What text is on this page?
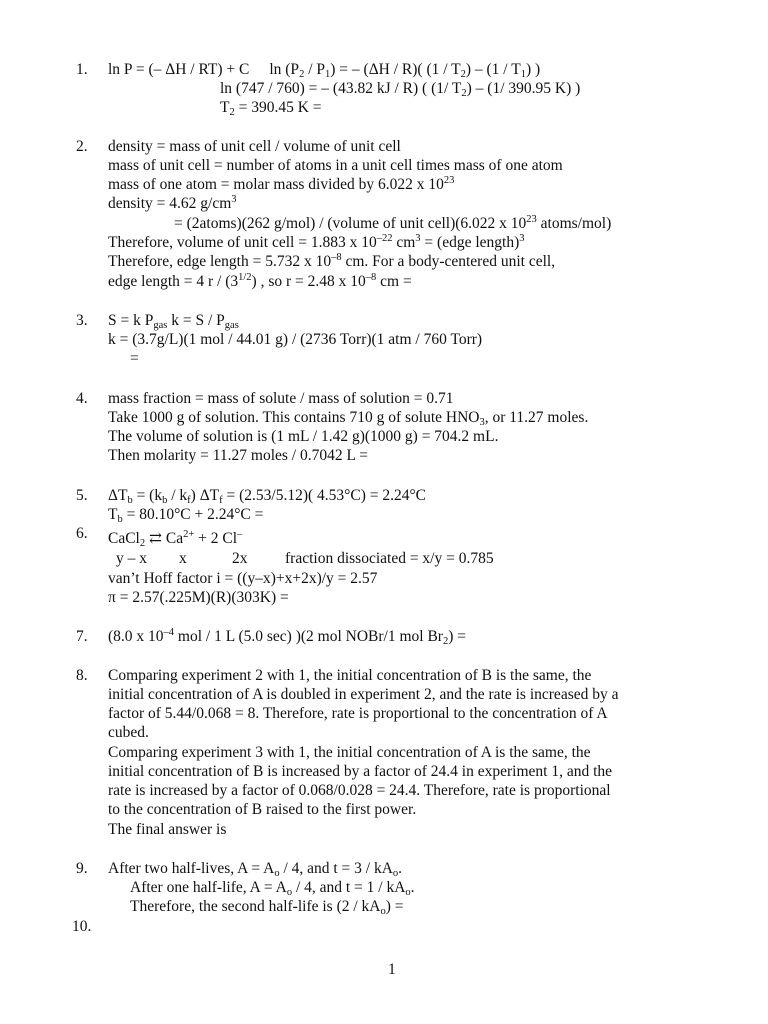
1. ln P = (– ΔH / RT) + C $\ln (P_2 / P_1)$ = – (ΔH / R)( $(1 / T_2) - (1 / T_1)$ )
ln (747 / 760) = – (43.82 kJ / R) ( (1/ $T_2) - (1/$ 390.95 K) )
$T_2 = 390.45$ K =
2. density = mass of unit cell / volume of unit cell
mass of unit cell = number of atoms in a unit cell times mass of one atom
mass of one atom = molar mass divided by 6.022 x $10^{23}$
density = 4.62 $g/cm^3$
= (2atoms)(262 g/mol) / (volume of unit cell)(6.022 x $10^{23}$ atoms/mol)
Therefore, volume of unit cell = 1.883 x $10^{-22}$ $cm^3$ = (edge length)$^3$
Therefore, edge length = 5.732 x $10^{-8}$ cm. For a body-centered unit cell,
edge length = 4 r / $(3^{1/2})$ , so r = 2.48 x $10^{-8}$ cm =
3. S = k $P_{gas}$ $k = S / P_{gas}$
k = (3.7g/L)(1 mol / 44.01 g) / (2736 Torr)(1 atm / 760 Torr)
=
4. mass fraction = mass of solute / mass of solution = 0.71
Take 1000 g of solution. This contains 710 g of solute $HNO_3$, or 11.27 moles.
The volume of solution is (1 mL / 1.42 g)(1000 g) = 704.2 mL.
Then molarity = 11.27 moles / 0.7042 L =
5. $\Delta T_b = (k_b / k_f) \Delta T_f = (2.53/5.12)$( 4.53°C) = 2.24°C
$T_b = 80.10^\circ C + 2.24^\circ C$ =
6. CaCl$_2$ ⇄ $Ca^{2+} + 2$ Cl–
y – x x	2x fraction dissociated = x/y = 0.785
van’t Hoff factor i = ((y–x)+x+2x)/y = 2.57
π = 2.57(.225M)(R)(303K) =
7. (8.0 x $10^{-4}$ mol / 1 L (5.0 sec) )(2 mol NOBr/1 mol $Br_2$) =
8. Comparing experiment 2 with 1, the initial concentration of B is the same, the
initial concentration of A is doubled in experiment 2, and the rate is increased by a
factor of 5.44/0.068 = 8. Therefore, rate is proportional to the concentration of A
cubed.
Comparing experiment 3 with 1, the initial concentration of A is the same, the
initial concentration of B is increased by a factor of 24.4 in experiment 1, and the
rate is increased by a factor of 0.068/0.028 = 24.4. Therefore, rate is proportional
to the concentration of B raised to the first power.
The final answer is
9. After two half-lives, $A = A_o / 4$, and $t = 3 / kA_o$.
After one half-life, $A = A_o / 4$, and $t = 1 / kA_o$.
Therefore, the second half-life is $(2 / kA_o)$ =
10.
1
